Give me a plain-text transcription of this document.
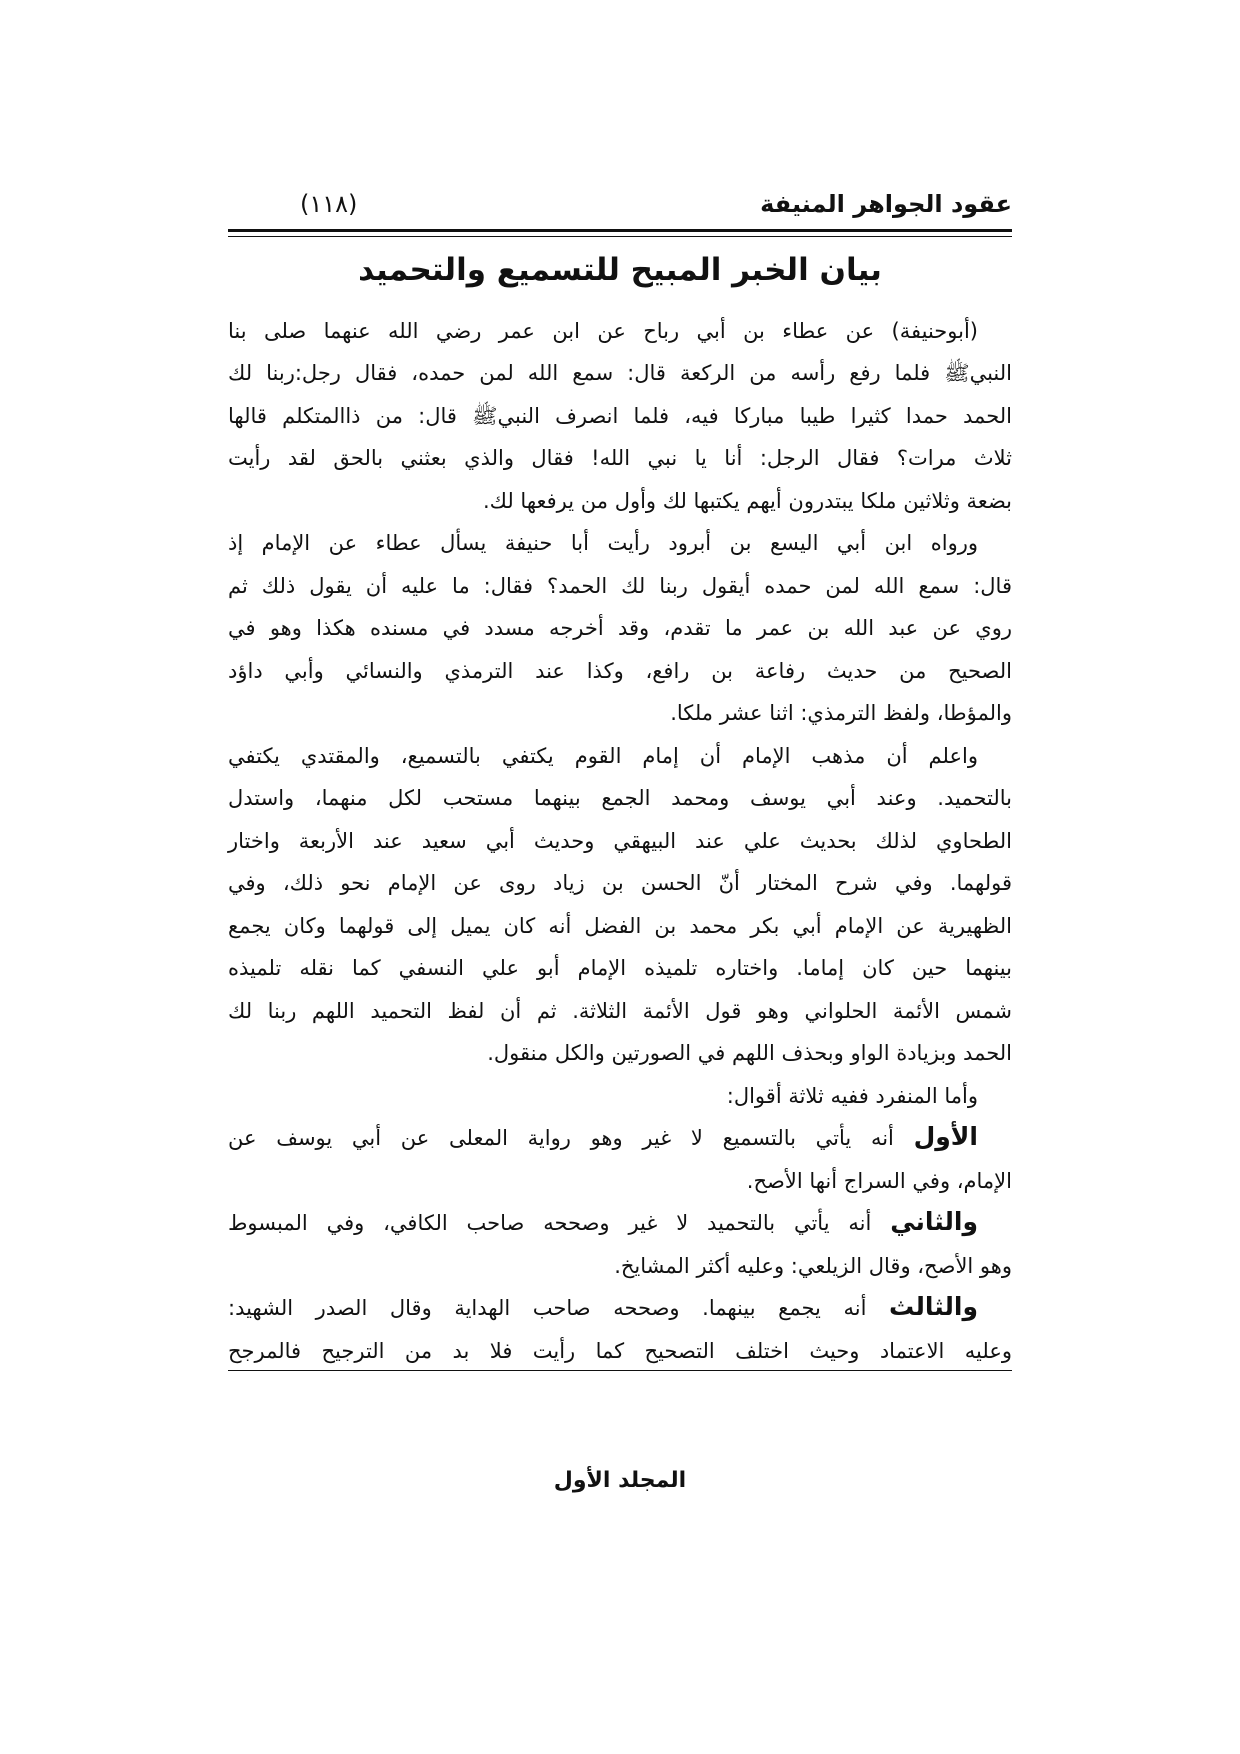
عقود الجواهر المنيفة
(١١٨)
بيان الخبر المبيح للتسميع والتحميد
(أبوحنيفة) عن عطاء بن أبي رباح عن ابن عمر رضي الله عنهما صلى بنا
النبيﷺ فلما رفع رأسه من الركعة قال: سمع الله لمن حمده، فقال رجل:ربنا لك
الحمد حمدا كثيرا طيبا مباركا فيه، فلما انصرف النبيﷺ قال: من ذاالمتكلم قالها
ثلاث مرات؟ فقال الرجل: أنا يا نبي الله! فقال والذي بعثني بالحق لقد رأيت
بضعة وثلاثين ملكا يبتدرون أيهم يكتبها لك وأول من يرفعها لك.
ورواه ابن أبي اليسع بن أبرود رأيت أبا حنيفة يسأل عطاء عن الإمام إذ
قال: سمع الله لمن حمده أيقول ربنا لك الحمد؟ فقال: ما عليه أن يقول ذلك ثم
روي عن عبد الله بن عمر ما تقدم، وقد أخرجه مسدد في مسنده هكذا وهو في
الصحيح من حديث رفاعة بن رافع، وكذا عند الترمذي والنسائي وأبي داؤد
والمؤطا، ولفظ الترمذي: اثنا عشر ملكا.
واعلم أن مذهب الإمام أن إمام القوم يكتفي بالتسميع، والمقتدي يكتفي
بالتحميد. وعند أبي يوسف ومحمد الجمع بينهما مستحب لكل منهما، واستدل
الطحاوي لذلك بحديث علي عند البيهقي وحديث أبي سعيد عند الأربعة واختار
قولهما. وفي شرح المختار أنّ الحسن بن زياد روى عن الإمام نحو ذلك، وفي
الظهيرية عن الإمام أبي بكر محمد بن الفضل أنه كان يميل إلى قولهما وكان يجمع
بينهما حين كان إماما. واختاره تلميذه الإمام أبو علي النسفي كما نقله تلميذه
شمس الأئمة الحلواني وهو قول الأئمة الثلاثة. ثم أن لفظ التحميد اللهم ربنا لك
الحمد وبزيادة الواو وبحذف اللهم في الصورتين والكل منقول.
وأما المنفرد ففيه ثلاثة أقوال:
الأول أنه يأتي بالتسميع لا غير وهو رواية المعلى عن أبي يوسف عن
الإمام، وفي السراج أنها الأصح.
والثاني أنه يأتي بالتحميد لا غير وصححه صاحب الكافي، وفي المبسوط
وهو الأصح، وقال الزيلعي: وعليه أكثر المشايخ.
والثالث أنه يجمع بينهما. وصححه صاحب الهداية وقال الصدر الشهيد:
وعليه الاعتماد وحيث اختلف التصحيح كما رأيت فلا بد من الترجيح فالمرجح
المجلد الأول
